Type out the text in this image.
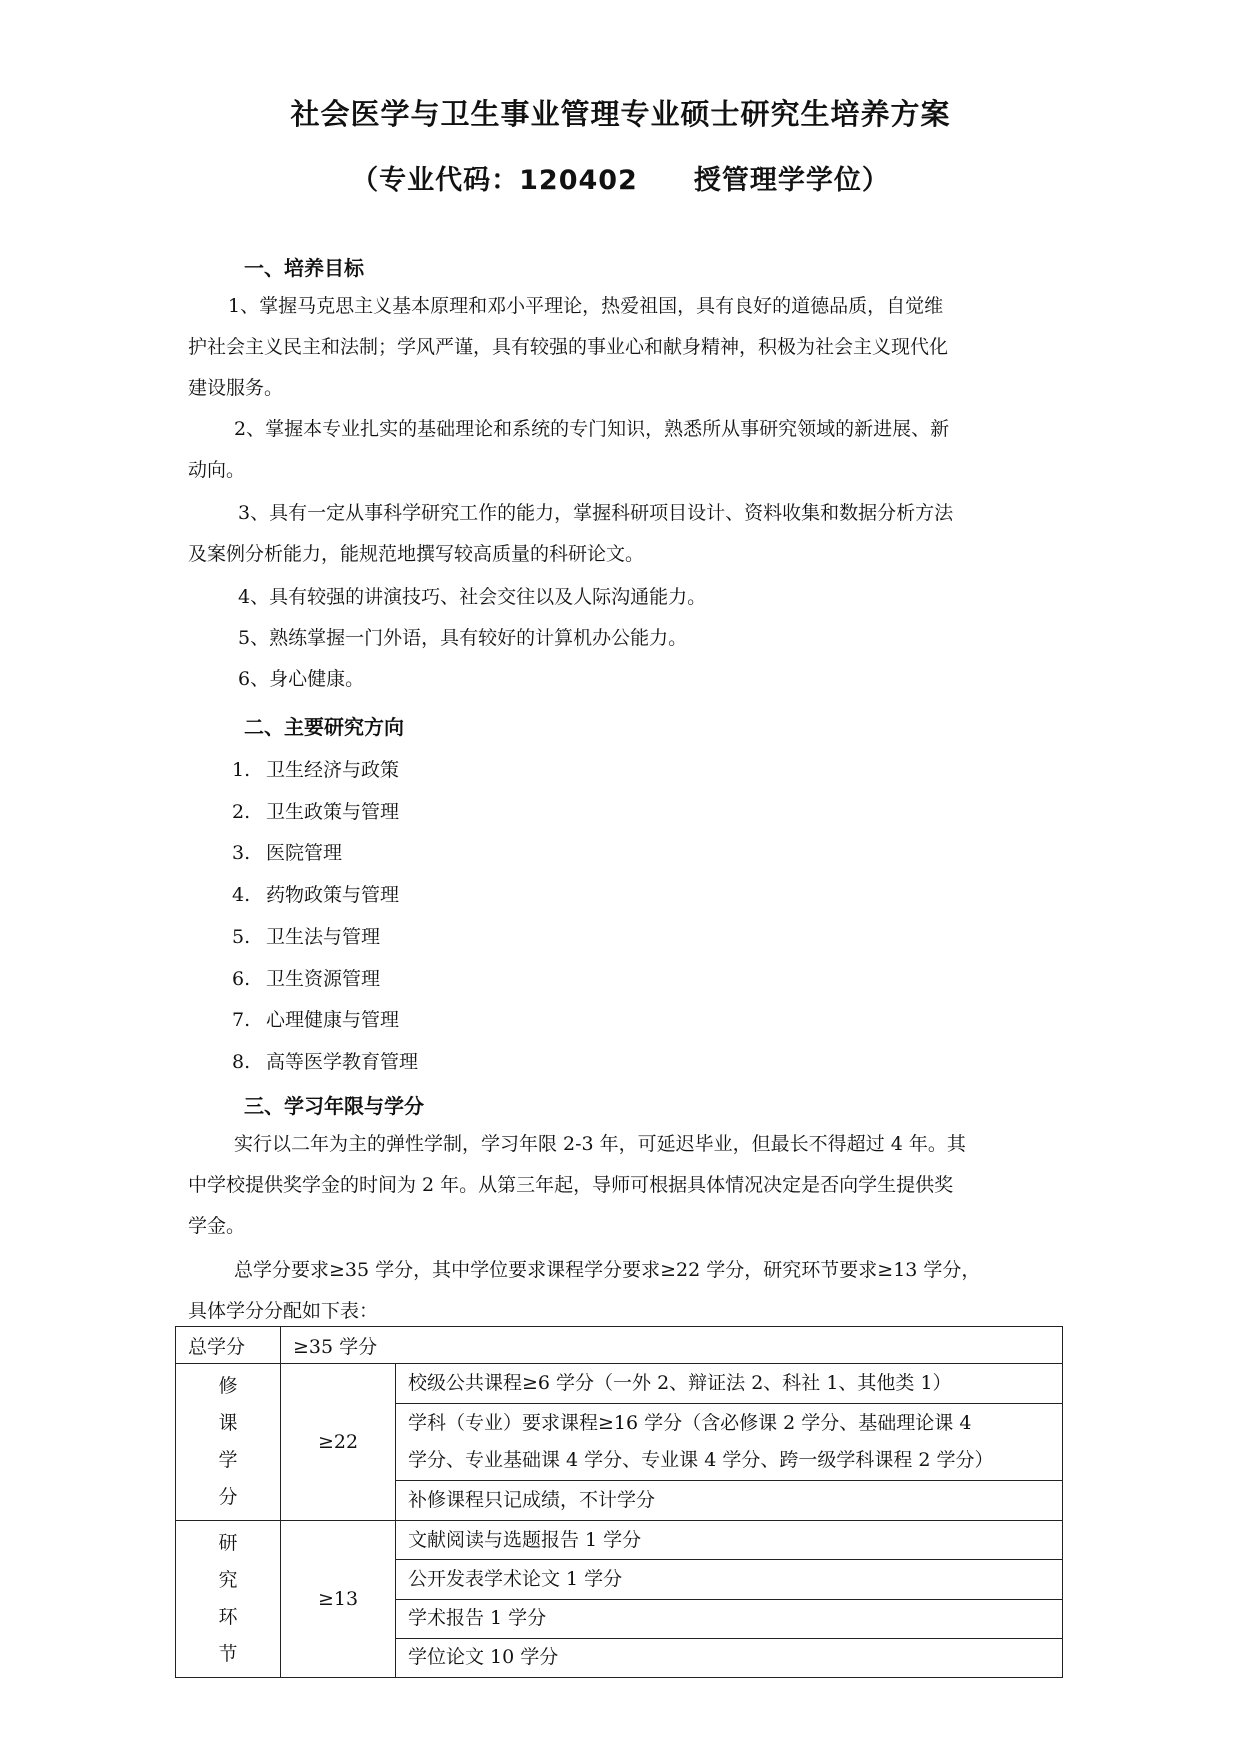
社会医学与卫生事业管理专业硕士研究生培养方案
（专业代码：120402 授管理学学位）
一、培养目标
1、掌握马克思主义基本原理和邓小平理论，热爱祖国，具有良好的道德品质，自觉维
护社会主义民主和法制；学风严谨，具有较强的事业心和献身精神，积极为社会主义现代化
建设服务。
2、掌握本专业扎实的基础理论和系统的专门知识，熟悉所从事研究领域的新进展、新
动向。
3、具有一定从事科学研究工作的能力，掌握科研项目设计、资料收集和数据分析方法
及案例分析能力，能规范地撰写较高质量的科研论文。
4、具有较强的讲演技巧、社会交往以及人际沟通能力。
5、熟练掌握一门外语，具有较好的计算机办公能力。
6、身心健康。
二、主要研究方向
1. 卫生经济与政策
2. 卫生政策与管理
3. 医院管理
4. 药物政策与管理
5. 卫生法与管理
6. 卫生资源管理
7. 心理健康与管理
8. 高等医学教育管理
三、学习年限与学分
实行以二年为主的弹性学制，学习年限 2-3 年，可延迟毕业，但最长不得超过 4 年。其
中学校提供奖学金的时间为 2 年。从第三年起，导师可根据具体情况决定是否向学生提供奖
学金。
总学分要求≥35 学分，其中学位要求课程学分要求≥22 学分，研究环节要求≥13 学分，
具体学分分配如下表：
总学分	≥35 学分	

修
课
学
分	≥22	校级公共课程≥6 学分（一外 2、辩证法 2、科社 1、其他类 1）

		学科（专业）要求课程≥16 学分（含必修课 2 学分、基础理论课 4
学分、专业基础课 4 学分、专业课 4 学分、跨一级学科课程 2 学分）

		补修课程只记成绩，不计学分

研
究
环
节	≥13	文献阅读与选题报告 1 学分
		公开发表学术论文 1 学分
		学术报告 1 学分
		学位论文 10 学分
